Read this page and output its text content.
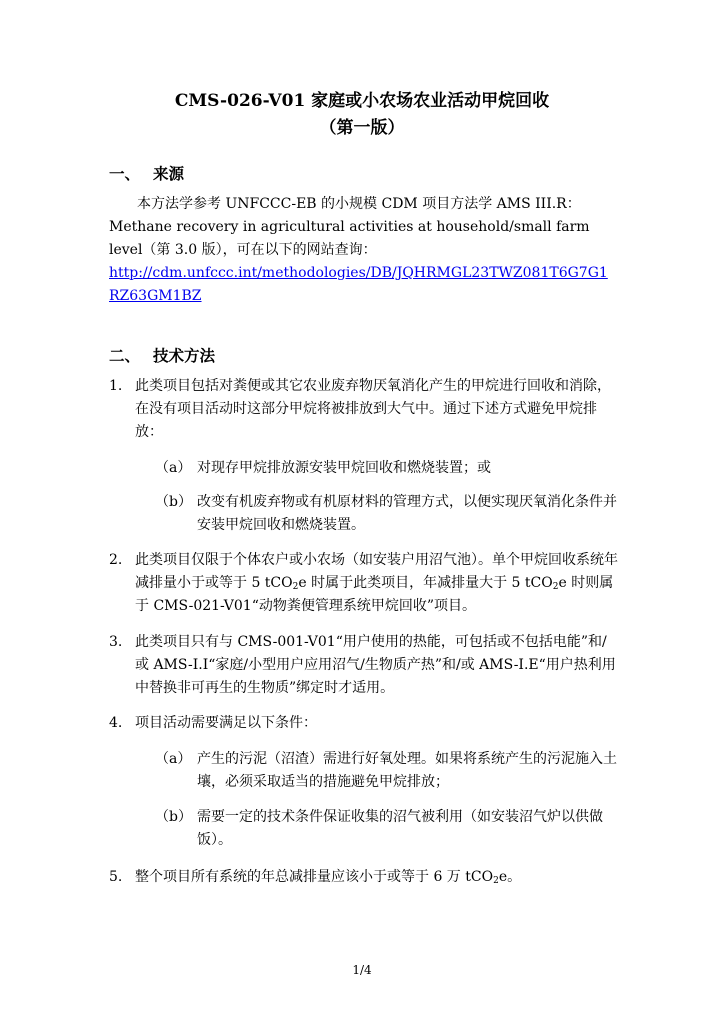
CMS-026-V01 家庭或小农场农业活动甲烷回收
（第一版）
一、 来源
本方法学参考 UNFCCC-EB 的小规模 CDM 项目方法学 AMS III.R：Methane recovery in agricultural activities at household/small farm level（第 3.0 版），可在以下的网站查询：
http://cdm.unfccc.int/methodologies/DB/JQHRMGL23TWZ081T6G7G1RZ63GM1BZ
二、 技术方法
1. 此类项目包括对粪便或其它农业废弃物厌氧消化产生的甲烷进行回收和消除，在没有项目活动时这部分甲烷将被排放到大气中。通过下述方式避免甲烷排放：
（a） 对现存甲烷排放源安装甲烷回收和燃烧装置；或
（b） 改变有机废弃物或有机原材料的管理方式，以便实现厌氧消化条件并安装甲烷回收和燃烧装置。
2. 此类项目仅限于个体农户或小农场（如安装户用沼气池）。单个甲烷回收系统年减排量小于或等于 5 tCO$_2$e 时属于此类项目，年减排量大于 5 tCO$_2$e 时则属于 CMS-021-V01“动物粪便管理系统甲烷回收”项目。
3. 此类项目只有与 CMS-001-V01“用户使用的热能，可包括或不包括电能”和/或 AMS-I.I“家庭/小型用户应用沼气/生物质产热”和/或 AMS-I.E“用户热利用中替换非可再生的生物质”绑定时才适用。
4. 项目活动需要满足以下条件：
（a） 产生的污泥（沼渣）需进行好氧处理。如果将系统产生的污泥施入土壤，必须采取适当的措施避免甲烷排放；
（b） 需要一定的技术条件保证收集的沼气被利用（如安装沼气炉以供做饭）。
5. 整个项目所有系统的年总减排量应该小于或等于 6 万 tCO$_2$e。
1/4
